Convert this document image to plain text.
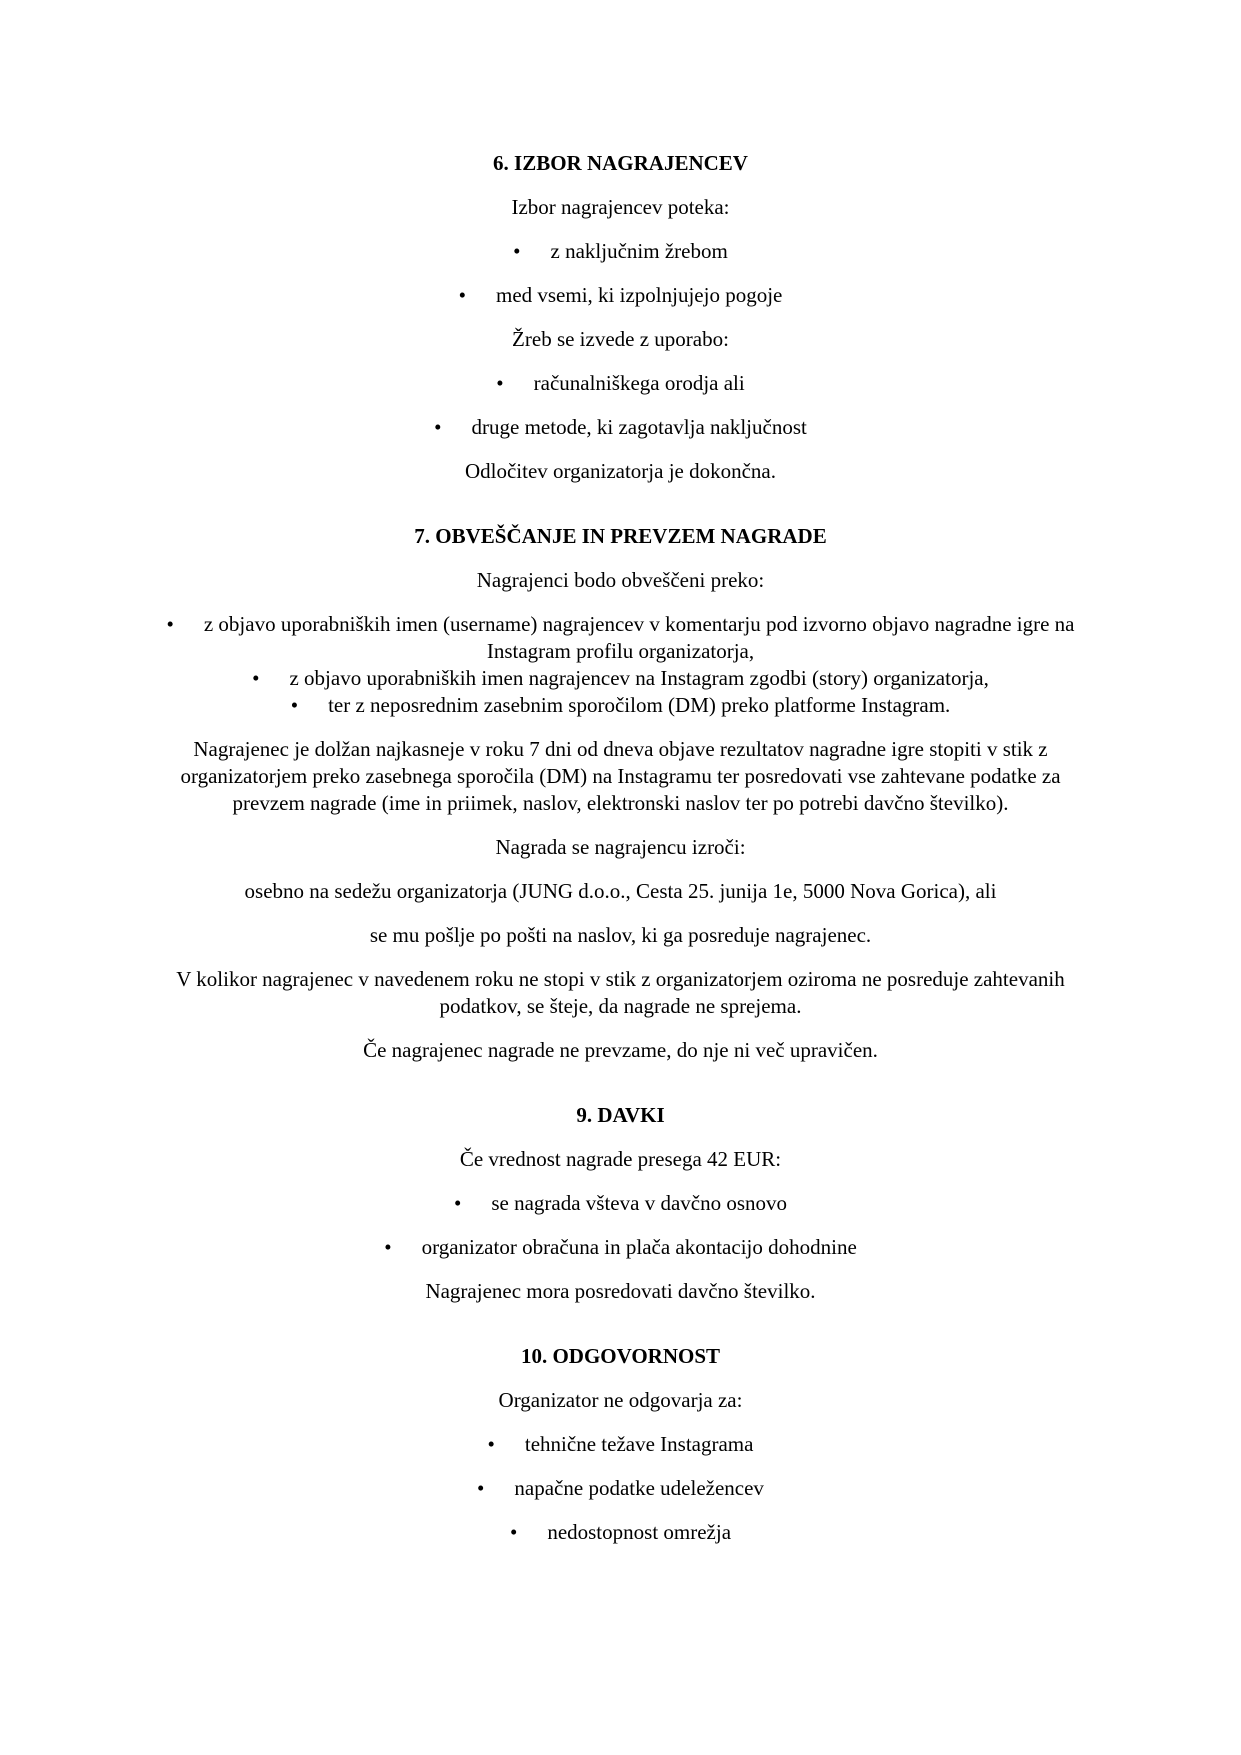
6. IZBOR NAGRAJENCEV
Izbor nagrajencev poteka:
• z naključnim žrebom
• med vsemi, ki izpolnjujejo pogoje
Žreb se izvede z uporabo:
• računalniškega orodja ali
• druge metode, ki zagotavlja naključnost
Odločitev organizatorja je dokončna.
7. OBVEŠČANJE IN PREVZEM NAGRADE
Nagrajenci bodo obveščeni preko:
• z objavo uporabniških imen (username) nagrajencev v komentarju pod izvorno objavo nagradne igre na Instagram profilu organizatorja,
• z objavo uporabniških imen nagrajencev na Instagram zgodbi (story) organizatorja,
• ter z neposrednim zasebnim sporočilom (DM) preko platforme Instagram.
Nagrajenec je dolžan najkasneje v roku 7 dni od dneva objave rezultatov nagradne igre stopiti v stik z organizatorjem preko zasebnega sporočila (DM) na Instagramu ter posredovati vse zahtevane podatke za prevzem nagrade (ime in priimek, naslov, elektronski naslov ter po potrebi davčno številko).
Nagrada se nagrajencu izroči:
osebno na sedežu organizatorja (JUNG d.o.o., Cesta 25. junija 1e, 5000 Nova Gorica), ali
se mu pošlje po pošti na naslov, ki ga posreduje nagrajenec.
V kolikor nagrajenec v navedenem roku ne stopi v stik z organizatorjem oziroma ne posreduje zahtevanih podatkov, se šteje, da nagrade ne sprejema.
Če nagrajenec nagrade ne prevzame, do nje ni več upravičen.
9. DAVKI
Če vrednost nagrade presega 42 EUR:
• se nagrada všteva v davčno osnovo
• organizator obračuna in plača akontacijo dohodnine
Nagrajenec mora posredovati davčno številko.
10. ODGOVORNOST
Organizator ne odgovarja za:
• tehnične težave Instagrama
• napačne podatke udeležencev
• nedostopnost omrežja
